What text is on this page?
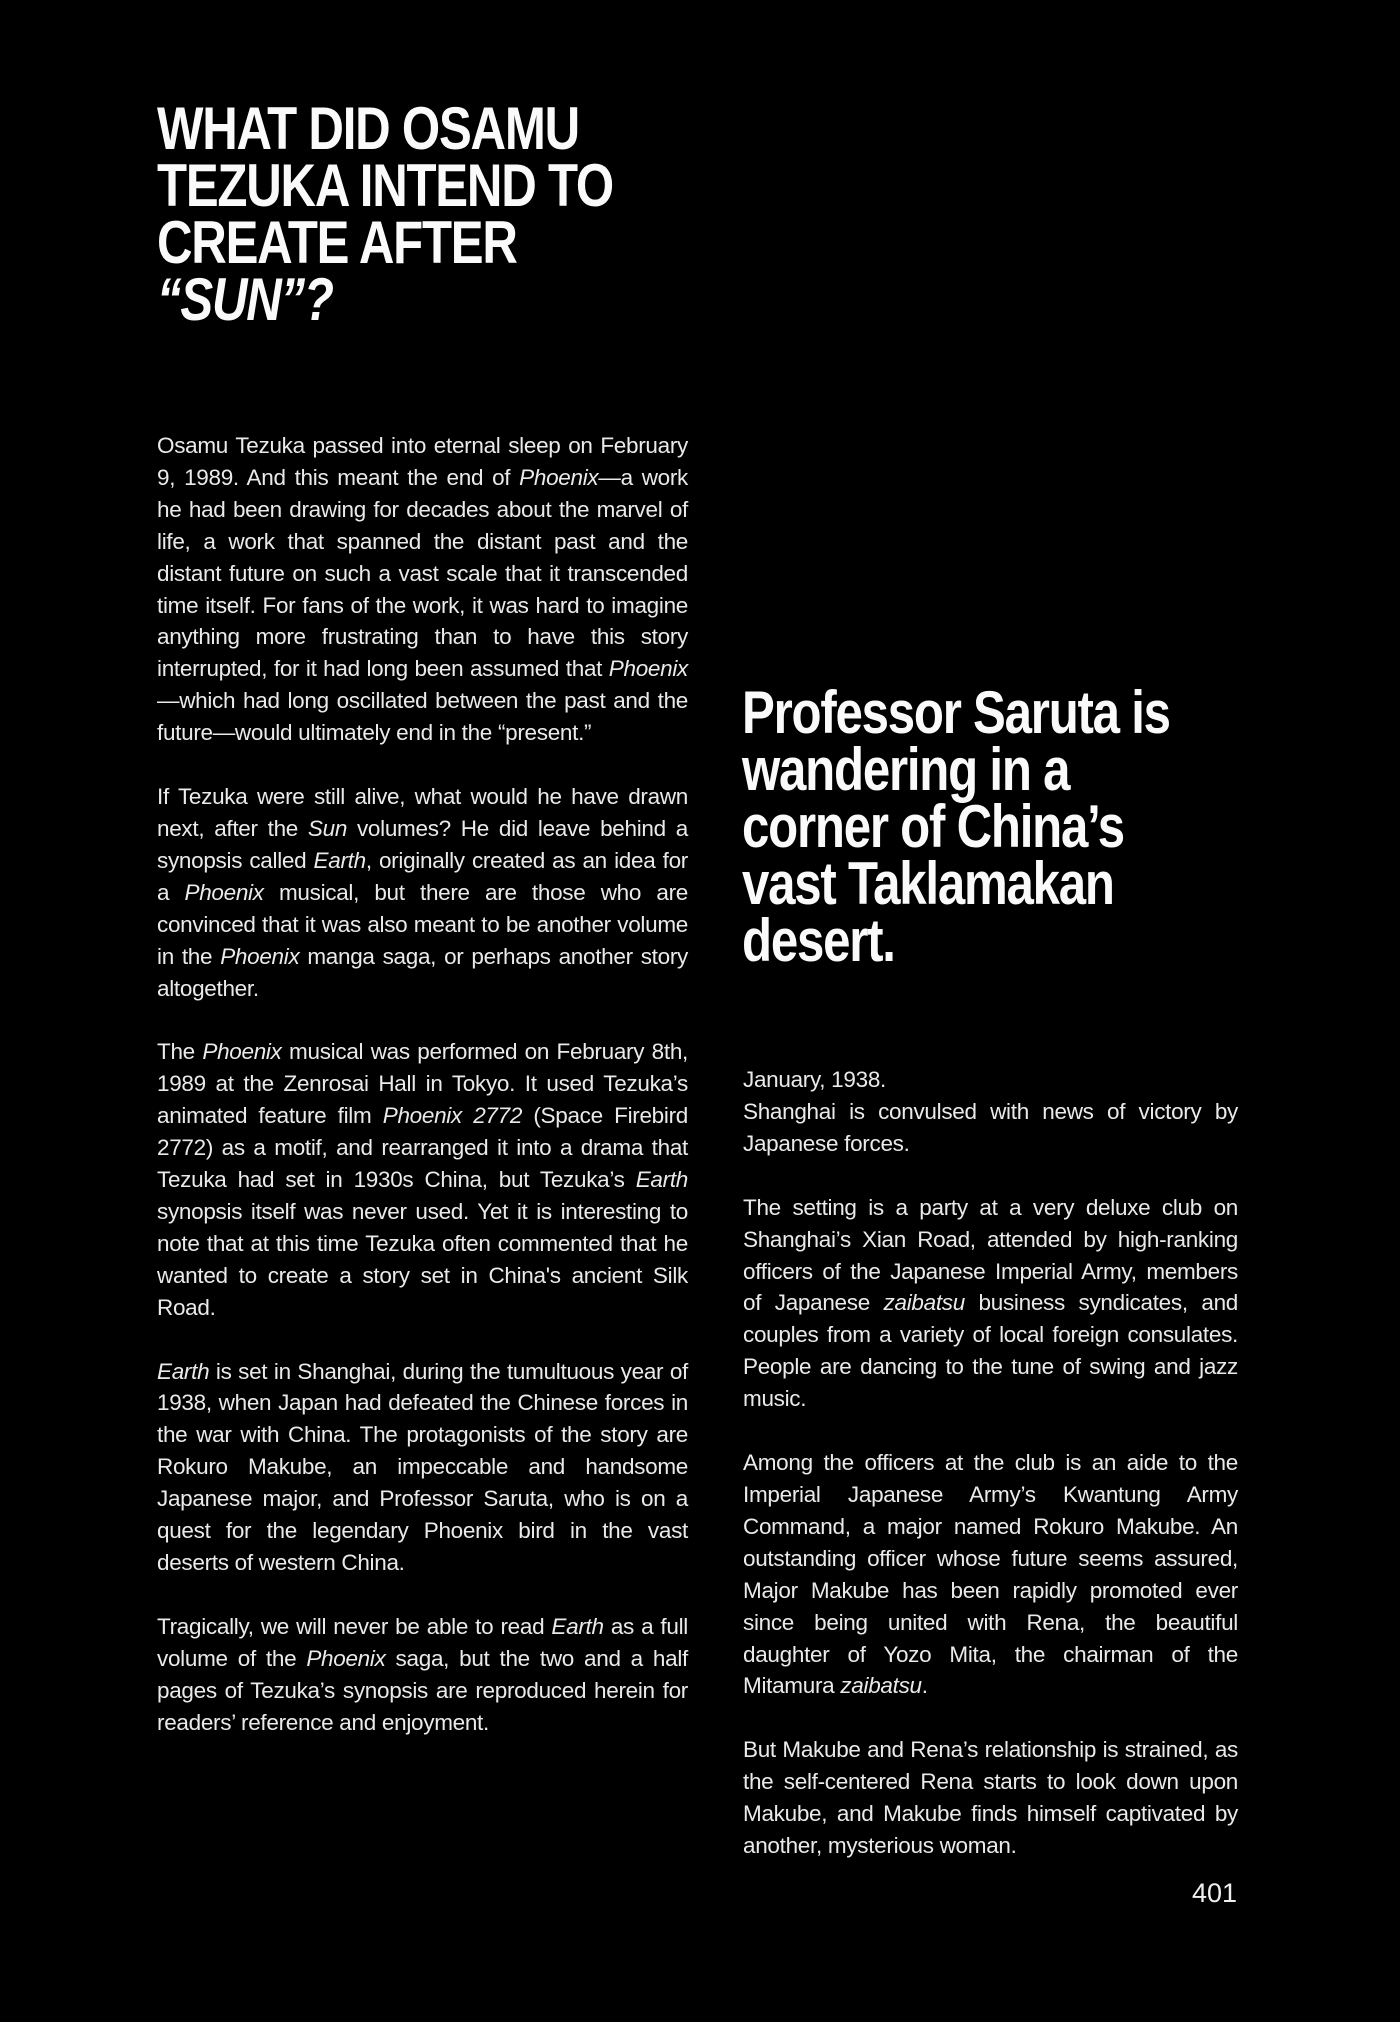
WHAT DID OSAMU
TEZUKA INTEND TO
CREATE AFTER
“SUN”?

Osamu Tezuka passed into eternal sleep on February 9, 1989. And this meant the end of Phoenix—a work he had been drawing for decades about the marvel of life, a work that spanned the distant past and the distant future on such a vast scale that it transcended time itself. For fans of the work, it was hard to imagine anything more frustrating than to have this story interrupted, for it had long been assumed that Phoenix—which had long oscillated between the past and the future—would ultimately end in the “present.”

If Tezuka were still alive, what would he have drawn next, after the Sun volumes? He did leave behind a synopsis called Earth, originally created as an idea for a Phoenix musical, but there are those who are convinced that it was also meant to be another volume in the Phoenix manga saga, or perhaps another story altogether.

The Phoenix musical was performed on February 8th, 1989 at the Zenrosai Hall in Tokyo. It used Tezuka’s animated feature film Phoenix 2772 (Space Firebird 2772) as a motif, and rearranged it into a drama that Tezuka had set in 1930s China, but Tezuka’s Earth synopsis itself was never used. Yet it is interesting to note that at this time Tezuka often commented that he wanted to create a story set in China's ancient Silk Road.

Earth is set in Shanghai, during the tumultuous year of 1938, when Japan had defeated the Chinese forces in the war with China. The protagonists of the story are Rokuro Makube, an impeccable and handsome Japanese major, and Professor Saruta, who is on a quest for the legendary Phoenix bird in the vast deserts of western China.

Tragically, we will never be able to read Earth as a full volume of the Phoenix saga, but the two and a half pages of Tezuka’s synopsis are reproduced herein for readers’ reference and enjoyment.

Professor Saruta is
wandering in a
corner of China’s
vast Taklamakan
desert.

January, 1938.
Shanghai is convulsed with news of victory by Japanese forces.

The setting is a party at a very deluxe club on Shanghai’s Xian Road, attended by high-ranking officers of the Japanese Imperial Army, members of Japanese zaibatsu business syndicates, and couples from a variety of local foreign consulates. People are dancing to the tune of swing and jazz music.

Among the officers at the club is an aide to the Imperial Japanese Army’s Kwantung Army Command, a major named Rokuro Makube. An outstanding officer whose future seems assured, Major Makube has been rapidly promoted ever since being united with Rena, the beautiful daughter of Yozo Mita, the chairman of the Mitamura zaibatsu.

But Makube and Rena’s relationship is strained, as the self-centered Rena starts to look down upon Makube, and Makube finds himself captivated by another, mysterious woman.

401
